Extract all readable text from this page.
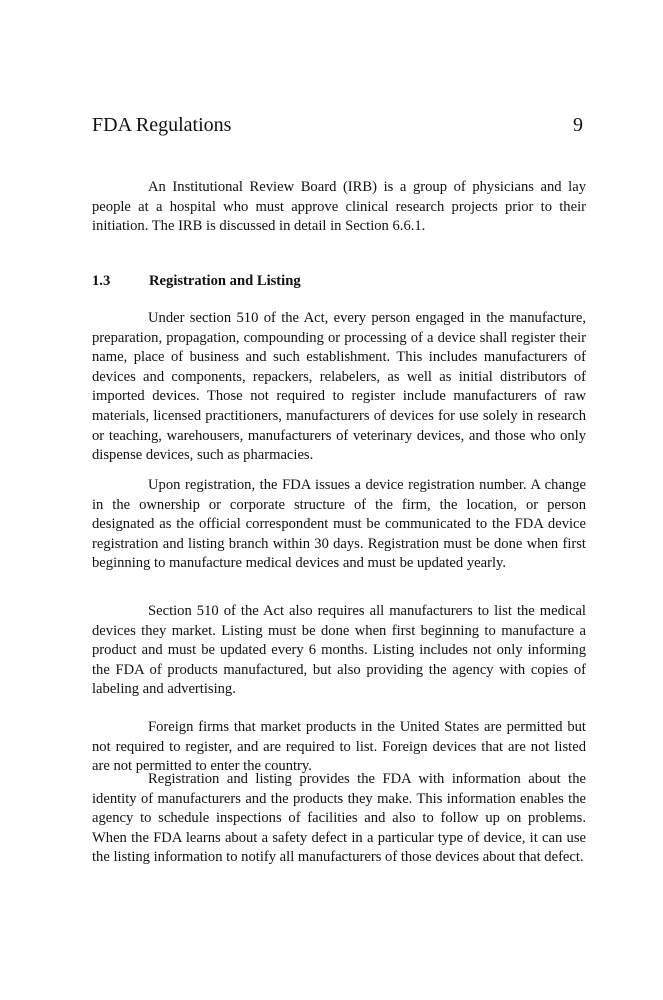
FDA Regulations	9

An Institutional Review Board (IRB) is a group of physicians and lay people at a hospital who must approve clinical research projects prior to their initiation. The IRB is discussed in detail in Section 6.6.1.

1.3	Registration and Listing

Under section 510 of the Act, every person engaged in the manufacture, preparation, propagation, compounding or processing of a device shall register their name, place of business and such establishment. This includes manufacturers of devices and components, repackers, relabelers, as well as initial distributors of imported devices. Those not required to register include manufacturers of raw materials, licensed practitioners, manufacturers of devices for use solely in research or teaching, warehousers, manufacturers of veterinary devices, and those who only dispense devices, such as pharmacies.

Upon registration, the FDA issues a device registration number. A change in the ownership or corporate structure of the firm, the location, or person designated as the official correspondent must be communicated to the FDA device registration and listing branch within 30 days. Registration must be done when first beginning to manufacture medical devices and must be updated yearly.

Section 510 of the Act also requires all manufacturers to list the medical devices they market. Listing must be done when first beginning to manufacture a product and must be updated every 6 months. Listing includes not only informing the FDA of products manufactured, but also providing the agency with copies of labeling and advertising.

Foreign firms that market products in the United States are permitted but not required to register, and are required to list. Foreign devices that are not listed are not permitted to enter the country.

Registration and listing provides the FDA with information about the identity of manufacturers and the products they make. This information enables the agency to schedule inspections of facilities and also to follow up on problems. When the FDA learns about a safety defect in a particular type of device, it can use the listing information to notify all manufacturers of those devices about that defect.
